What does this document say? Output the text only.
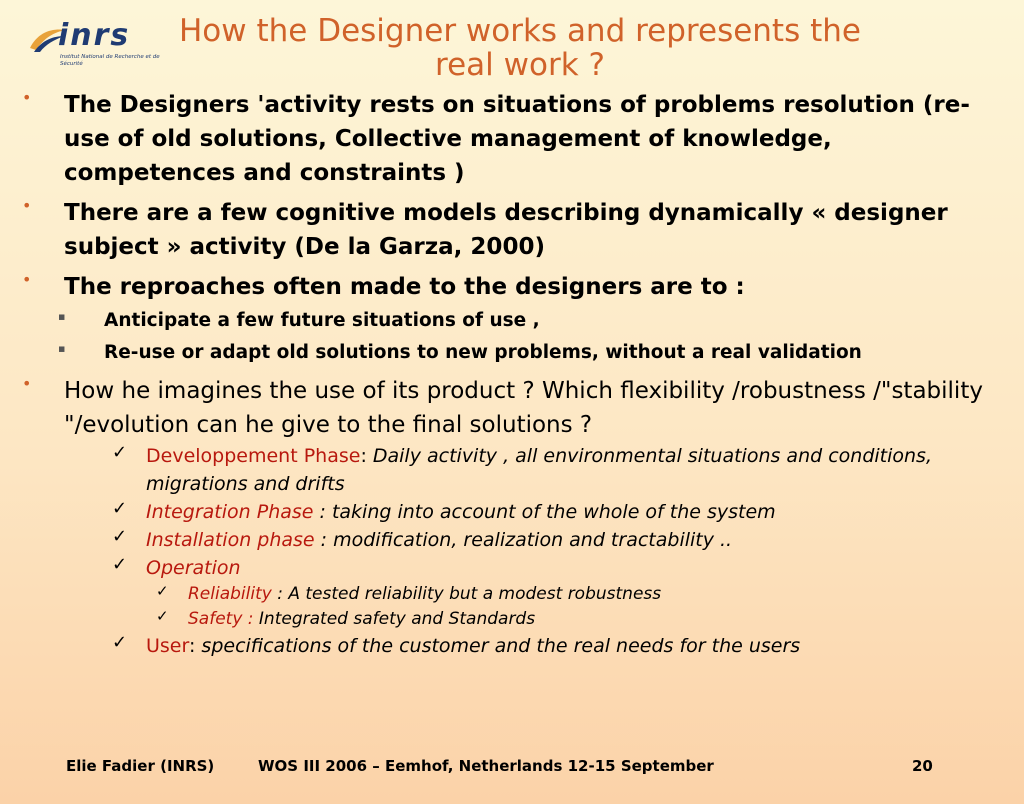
inrs
Institut National de Recherche et de Sécurité
How the Designer works and represents the real work ?
• The Designers 'activity rests on situations of problems resolution (re-use of old solutions, Collective management of knowledge, competences and constraints )
• There are a few cognitive models describing dynamically « designer subject » activity (De la Garza, 2000)
• The reproaches often made to the designers are to :
▪ Anticipate a few future situations of use ,
▪ Re-use or adapt old solutions to new problems, without a real validation
• How he imagines the use of its product ? Which flexibility /robustness /"stability "/evolution can he give to the final solutions ?
✓ Developpement Phase: Daily activity , all environmental situations and conditions, migrations and drifts
✓ Integration Phase : taking into account of the whole of the system
✓ Installation phase : modification, realization and tractability ..
✓ Operation
✓ Reliability : A tested reliability but a modest robustness
✓ Safety : Integrated safety and Standards
✓ User: specifications of the customer and the real needs for the users
Elie Fadier (INRS)	WOS III 2006 – Eemhof, Netherlands 12-15 September	20
